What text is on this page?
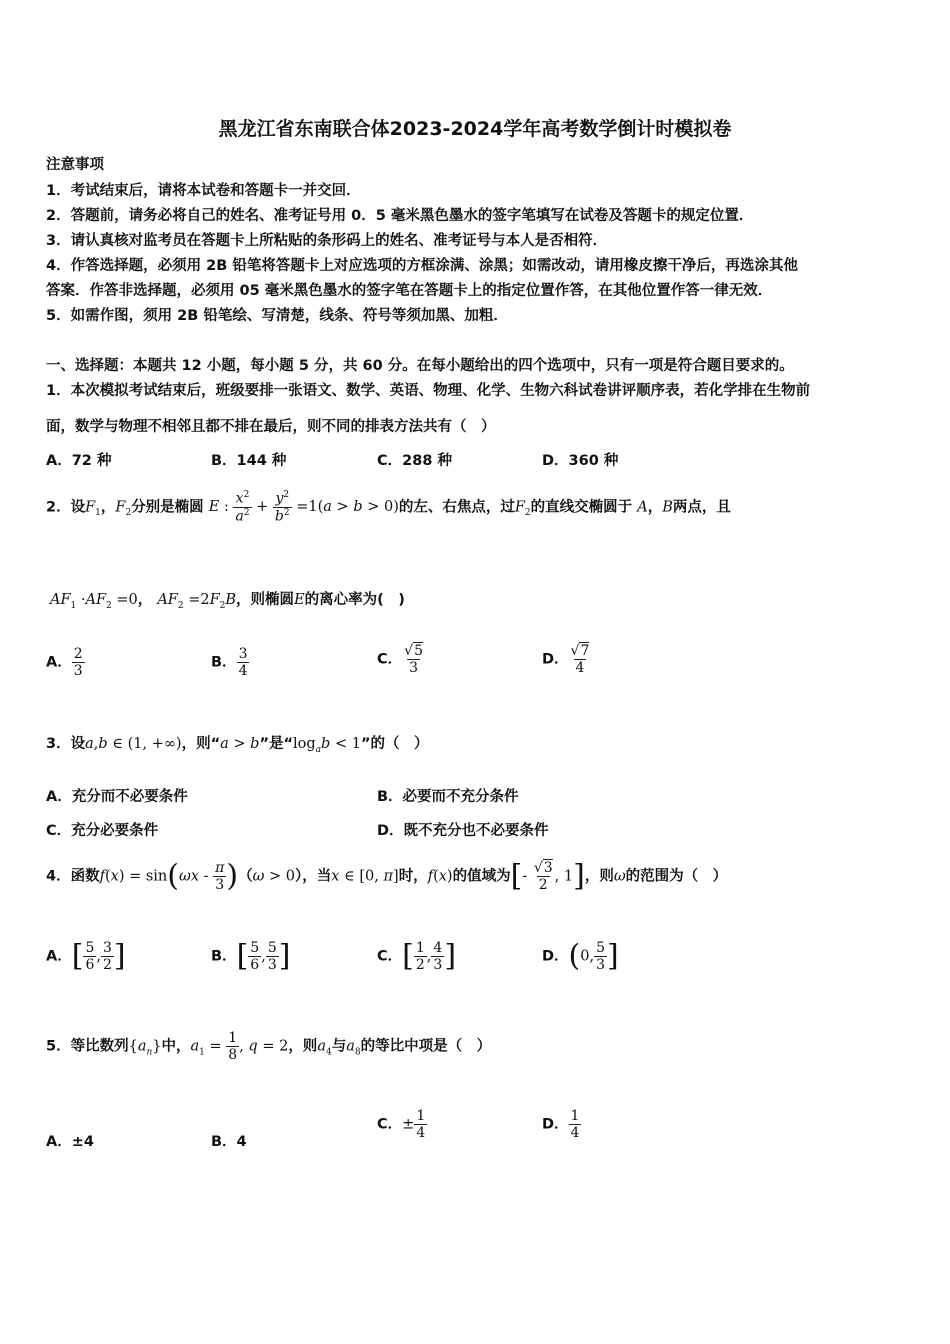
黑龙江省东南联合体2023-2024学年高考数学倒计时模拟卷
注意事项
1．考试结束后，请将本试卷和答题卡一并交回．
2．答题前，请务必将自己的姓名、准考证号用 0．5 毫米黑色墨水的签字笔填写在试卷及答题卡的规定位置．
3．请认真核对监考员在答题卡上所粘贴的条形码上的姓名、准考证号与本人是否相符．
4．作答选择题，必须用 2B 铅笔将答题卡上对应选项的方框涂满、涂黑；如需改动，请用橡皮擦干净后，再选涂其他
答案．作答非选择题，必须用 05 毫米黑色墨水的签字笔在答题卡上的指定位置作答，在其他位置作答一律无效．
5．如需作图，须用 2B 铅笔绘、写清楚，线条、符号等须加黑、加粗．
一、选择题：本题共 12 小题，每小题 5 分，共 60 分。在每小题给出的四个选项中，只有一项是符合题目要求的。
1．本次模拟考试结束后，班级要排一张语文、数学、英语、物理、化学、生物六科试卷讲评顺序表，若化学排在生物前
面，数学与物理不相邻且都不排在最后，则不同的排表方法共有（　）
A．72 种	B．144 种	C．288 种	D．360 种
2．设$F_1$，$F_2$分别是椭圆 E : $\frac{x^2}{a^2} + \frac{y^2}{b^2} =1(a > b > 0)$的左、右焦点，过$F_2$的直线交椭圆于 A，B两点，且
$AF_1 \cdot AF_2 =0$， $AF_2 =2F_2B$，则椭圆E的离心率为(　)
A． $\frac{2}{3}$	B． $\frac{3}{4}$	C． $\frac{√5}{3}$	D． $\frac{√7}{4}$
3．设a,b ∈ (1, +∞)，则“a > b”是“$\log_ab < 1$”的（　）
A．充分而不必要条件	B．必要而不充分条件
C．充分必要条件	D．既不充分也不必要条件
4．函数$f(x) = \sin(\omega x - \frac{\pi}{3} )(\omega > 0)$，当x ∈ [0, π]时，f(x)的值域为[- $\frac{√3}{2}$ , 1]，则ω的范围为（　）
A．[ $\frac{5}{6}$ , $\frac{3}{2}$ ]	B．[ $\frac{5}{6}$ , $\frac{5}{3}$ ]	C．[ $\frac{1}{2}$ , $\frac{4}{3}$ ]	D．(0, $\frac{5}{3}$ ]
5．等比数列$\{a_n\}$中，$a_1 = \frac{1}{8}$ , q = 2，则$a_4$与$a_8$的等比中项是（　）
A．±4	B．4
C．± $\frac{1}{4}$	D． $\frac{1}{4}$
